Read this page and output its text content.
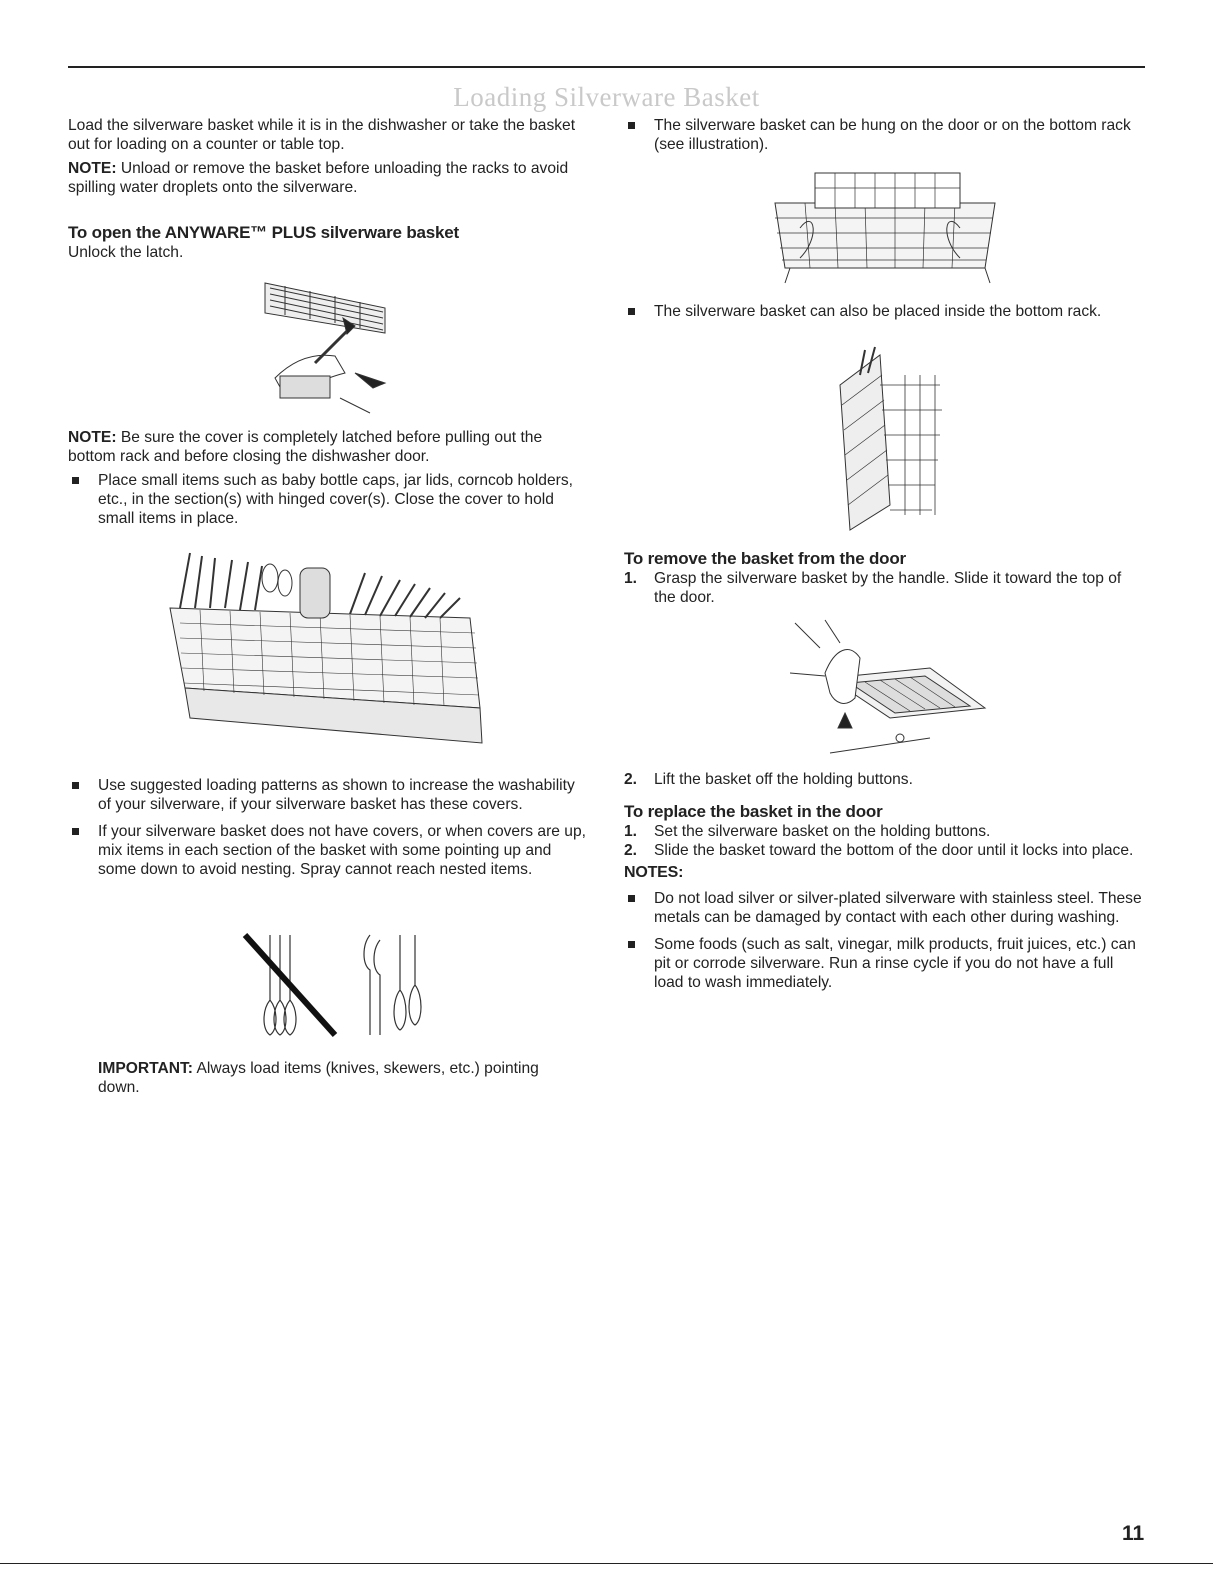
Loading Silverware Basket

Load the silverware basket while it is in the dishwasher or take the basket out for loading on a counter or table top.

NOTE: Unload or remove the basket before unloading the racks to avoid spilling water droplets onto the silverware.

To open the ANYWARE™ PLUS silverware basket

Unlock the latch.

NOTE: Be sure the cover is completely latched before pulling out the bottom rack and before closing the dishwasher door.

Place small items such as baby bottle caps, jar lids, corncob holders, etc., in the section(s) with hinged cover(s). Close the cover to hold small items in place.
Use suggested loading patterns as shown to increase the washability of your silverware, if your silverware basket has these covers.
If your silverware basket does not have covers, or when covers are up, mix items in each section of the basket with some pointing up and some down to avoid nesting. Spray cannot reach nested items.

IMPORTANT: Always load items (knives, skewers, etc.) pointing down.

The silverware basket can be hung on the door or on the bottom rack (see illustration).
The silverware basket can also be placed inside the bottom rack.
To remove the basket from the door
1. Grasp the silverware basket by the handle. Slide it toward the top of the door.
2. Lift the basket off the holding buttons.
To replace the basket in the door
1. Set the silverware basket on the holding buttons.
2. Slide the basket toward the bottom of the door until it locks into place.
NOTES:
Do not load silver or silver-plated silverware with stainless steel. These metals can be damaged by contact with each other during washing.
Some foods (such as salt, vinegar, milk products, fruit juices, etc.) can pit or corrode silverware. Run a rinse cycle if you do not have a full load to wash immediately.
11
